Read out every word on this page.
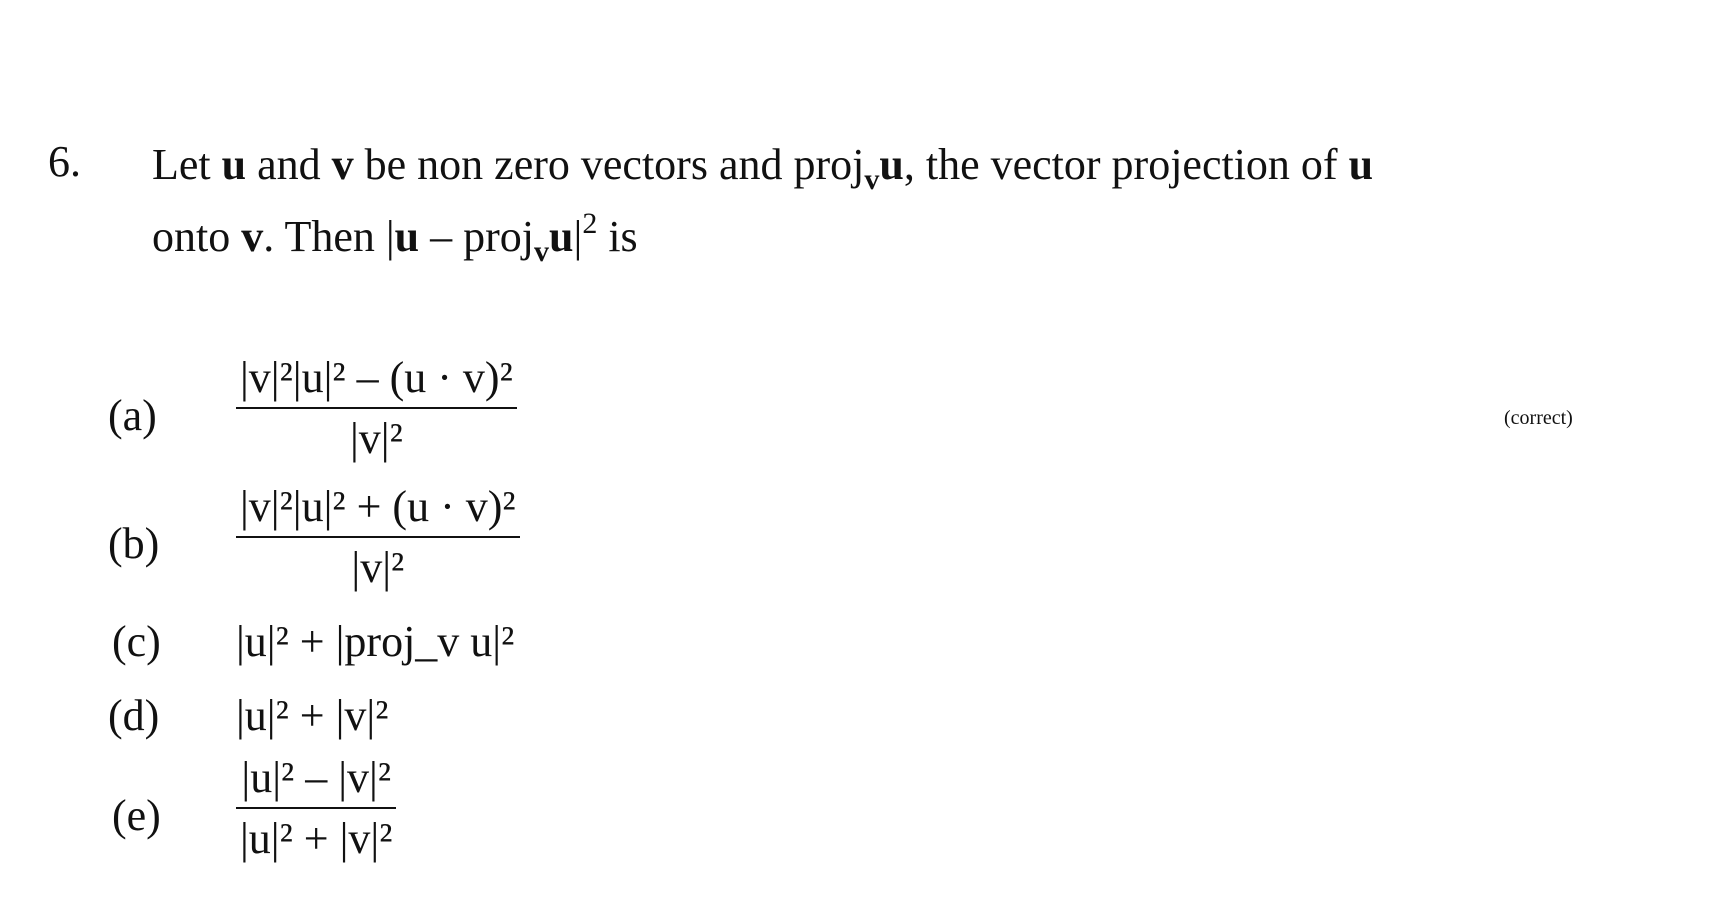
6. Let u and v be non zero vectors and proj$_v$u, the vector projection of u
onto v. Then $|u - proj_vu|^2$ is
(a)
|v|²|u|² – (u · v)²
|v|²	(correct)
(b)
|v|²|u|² + (u · v)²
|v|²
(c) |u|² + |proj_v u|²
(d) |u|² + |v|²
(e)
|u|² – |v|²
|u|² + |v|²
